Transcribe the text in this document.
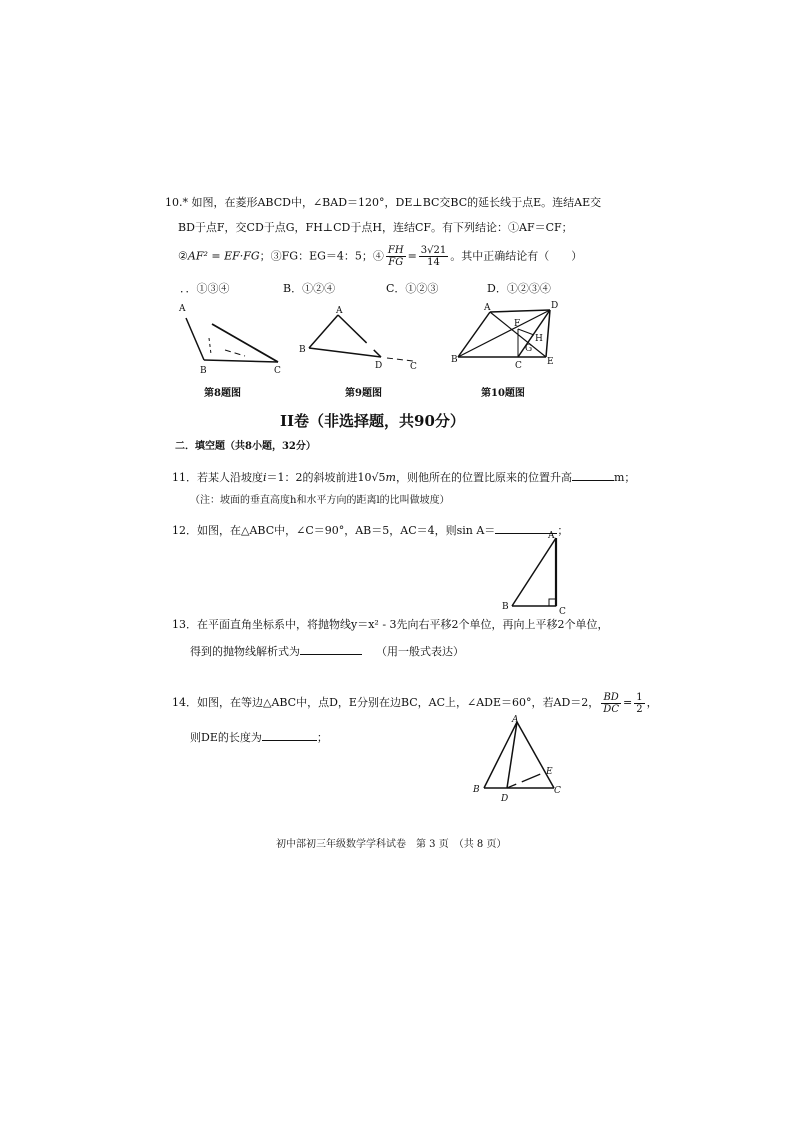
10.* 如图，在菱形ABCD中，∠BAD＝120°，DE⊥BC交BC的延长线于点E。连结AE交
BD于点F，交CD于点G，FH⊥CD于点H，连结CF。有下列结论：①AF＝CF；
②AF² = EF·FG；③FG：EG＝4：5；④ $\frac{FH}{FG} = \frac{3√21}{14}$ 。其中正确结论有（　　）
．．①③④	B．①②④	C．①②③	D．①②③④
A
B	C
第8题图
A
B
D	C
第9题图
A	D
F
H
G
B
C	E
第10题图
II卷（非选择题，共90分）
二．填空题（共8小题，32分）
11．若某人沿坡度i＝1：2的斜坡前进10√5m，则他所在的位置比原来的位置升高	m；
（注：坡面的垂直高度h和水平方向的距离l的比叫做坡度）
12．如图，在△ABC中，∠C＝90°，AB＝5，AC＝4，则sin A＝	；
A
B	C
13．在平面直角坐标系中，将抛物线y＝x² - 3先向右平移2个单位，再向上平移2个单位，
得到的抛物线解析式为	（用一般式表达）
14．如图，在等边△ABC中，点D，E分别在边BC，AC上，∠ADE＝60°，若AD＝2， $\frac{BD}{DC} = \frac{1}{2}$ ，
则DE的长度为	；
A
E
B
D
C
初中部初三年级数学学科试卷　第 3 页　（共 8 页）
